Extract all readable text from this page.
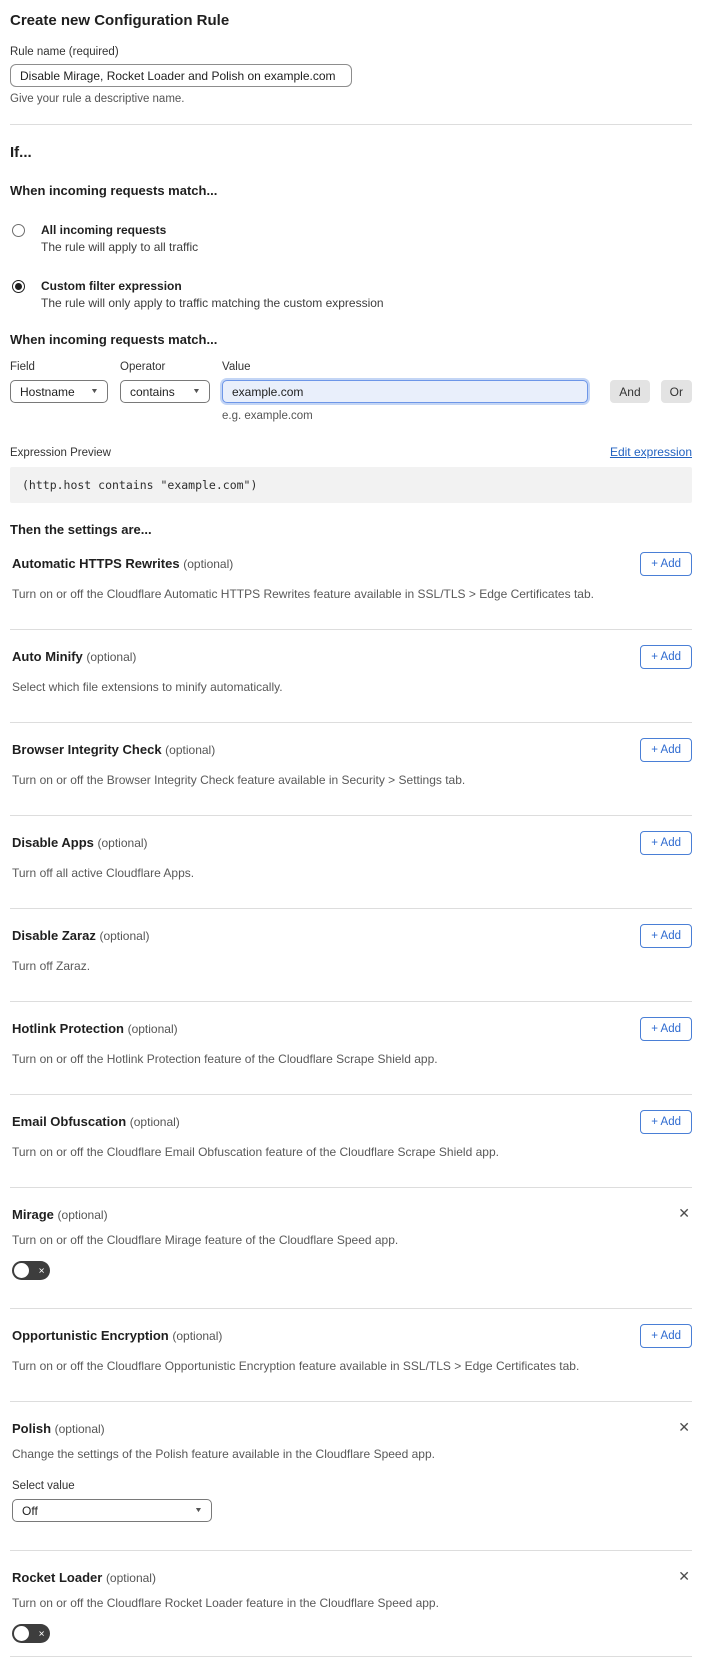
Create new Configuration Rule
Rule name (required)
Disable Mirage, Rocket Loader and Polish on example.com
Give your rule a descriptive name.
If...
When incoming requests match...
All incoming requests
The rule will apply to all traffic
Custom filter expression
The rule will only apply to traffic matching the custom expression
When incoming requests match...
Field
Hostname ▼
Operator
contains ▼
Value
example.com
And	Or
e.g. example.com
Expression Preview	Edit expression
(http.host contains "example.com")
Then the settings are...
Automatic HTTPS Rewrites (optional)	+ Add
Turn on or off the Cloudflare Automatic HTTPS Rewrites feature available in SSL/TLS > Edge Certificates tab.
Auto Minify (optional)	+ Add
Select which file extensions to minify automatically.
Browser Integrity Check (optional)	+ Add
Turn on or off the Browser Integrity Check feature available in Security > Settings tab.
Disable Apps (optional)	+ Add
Turn off all active Cloudflare Apps.
Disable Zaraz (optional)	+ Add
Turn off Zaraz.
Hotlink Protection (optional)	+ Add
Turn on or off the Hotlink Protection feature of the Cloudflare Scrape Shield app.
Email Obfuscation (optional)	+ Add
Turn on or off the Cloudflare Email Obfuscation feature of the Cloudflare Scrape Shield app.
Mirage (optional)	✕
Turn on or off the Cloudflare Mirage feature of the Cloudflare Speed app.
✕
Opportunistic Encryption (optional)	+ Add
Turn on or off the Cloudflare Opportunistic Encryption feature available in SSL/TLS > Edge Certificates tab.
Polish (optional)	✕
Change the settings of the Polish feature available in the Cloudflare Speed app.
Select value
Off	▼
Rocket Loader (optional)	✕
Turn on or off the Cloudflare Rocket Loader feature in the Cloudflare Speed app.
✕
